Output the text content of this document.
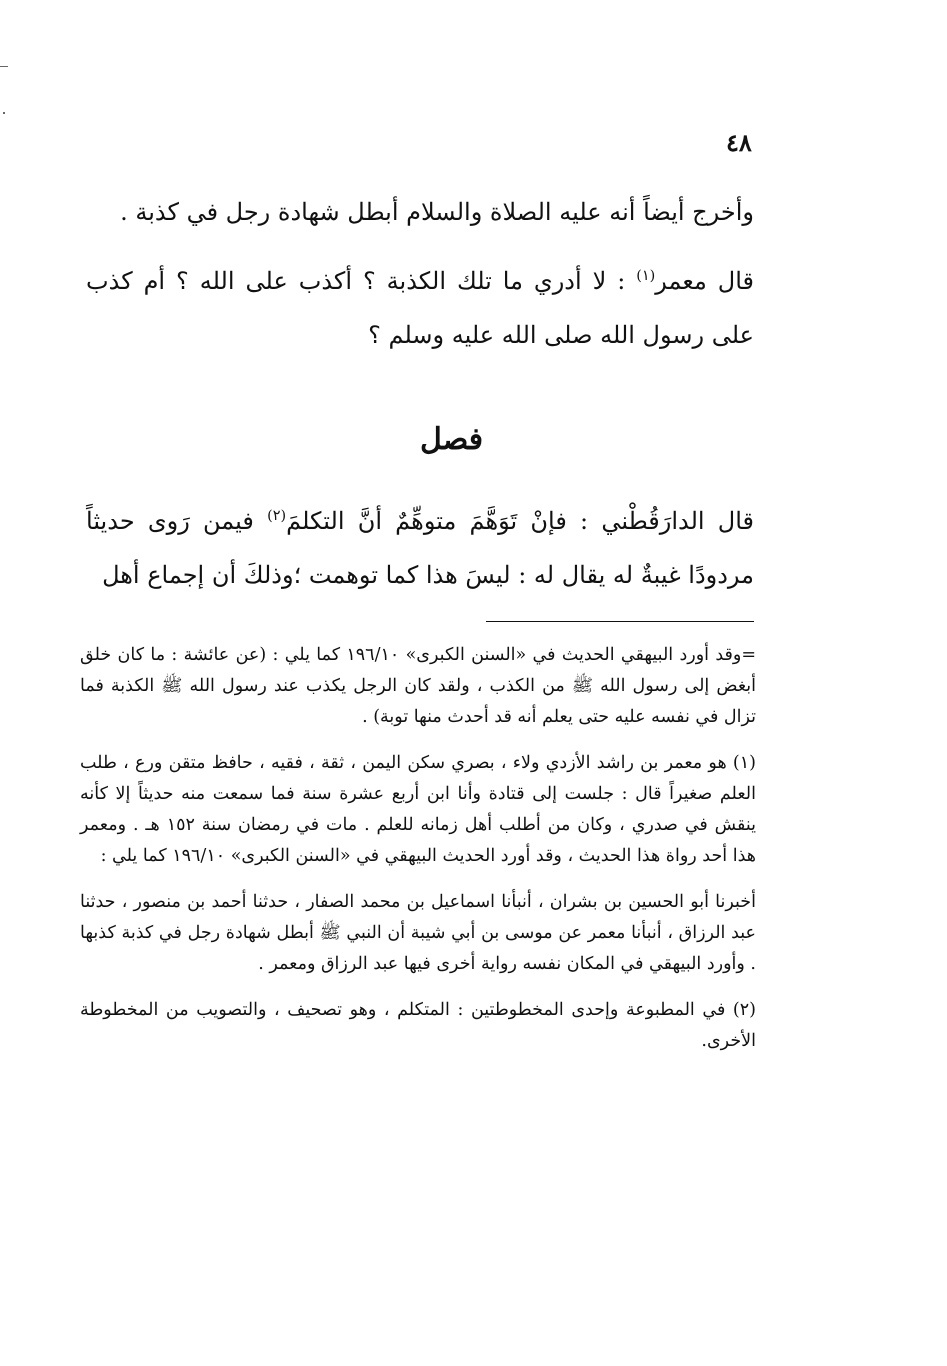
٤٨

وأخرج أيضاً أنه عليه الصلاة والسلام أبطل شهادة رجل في كذبة .

قال معمر$^{(١)}$ : لا أدري ما تلك الكذبة ؟ أكذب على الله ؟ أم كذب على رسول الله صلى الله عليه وسلم ؟

فصل

قال الدارَقُطْني : فإنْ تَوَهَّمَ متوهِّمٌ أنَّ التكلمَ$^{(٢)}$ فيمن رَوى حديثاً مردودًا غيبةٌ له يقال له : ليسَ هذا كما توهمت ؛وذلكَ أن إجماع أهل

=وقد أورد البيهقي الحديث في «السنن الكبرى» ١٩٦/١٠ كما يلي : (عن عائشة : ما كان خلق أبغض إلى رسول الله ﷺ من الكذب ، ولقد كان الرجل يكذب عند رسول الله ﷺ الكذبة فما تزال في نفسه عليه حتى يعلم أنه قد أحدث منها توبة) .

(١) هو معمر بن راشد الأزدي ولاء ، بصري سكن اليمن ، ثقة ، فقيه ، حافظ متقن ورع ، طلب العلم صغيراً قال : جلست إلى قتادة وأنا ابن أربع عشرة سنة فما سمعت منه حديثاً إلا كأنه ينقش في صدري ، وكان من أطلب أهل زمانه للعلم . مات في رمضان سنة ١٥٢ هـ . ومعمر هذا أحد رواة هذا الحديث ، وقد أورد الحديث البيهقي في «السنن الكبرى» ١٩٦/١٠ كما يلي :

أخبرنا أبو الحسين بن بشران ، أنبأنا اسماعيل بن محمد الصفار ، حدثنا أحمد بن منصور ، حدثنا عبد الرزاق ، أنبأنا معمر عن موسى بن أبي شيبة أن النبي ﷺ أبطل شهادة رجل في كذبة كذبها . وأورد البيهقي في المكان نفسه رواية أخرى فيها عبد الرزاق ومعمر .

(٢) في المطبوعة وإحدى المخطوطتين : المتكلم ، وهو تصحيف ، والتصويب من المخطوطة الأخرى.
